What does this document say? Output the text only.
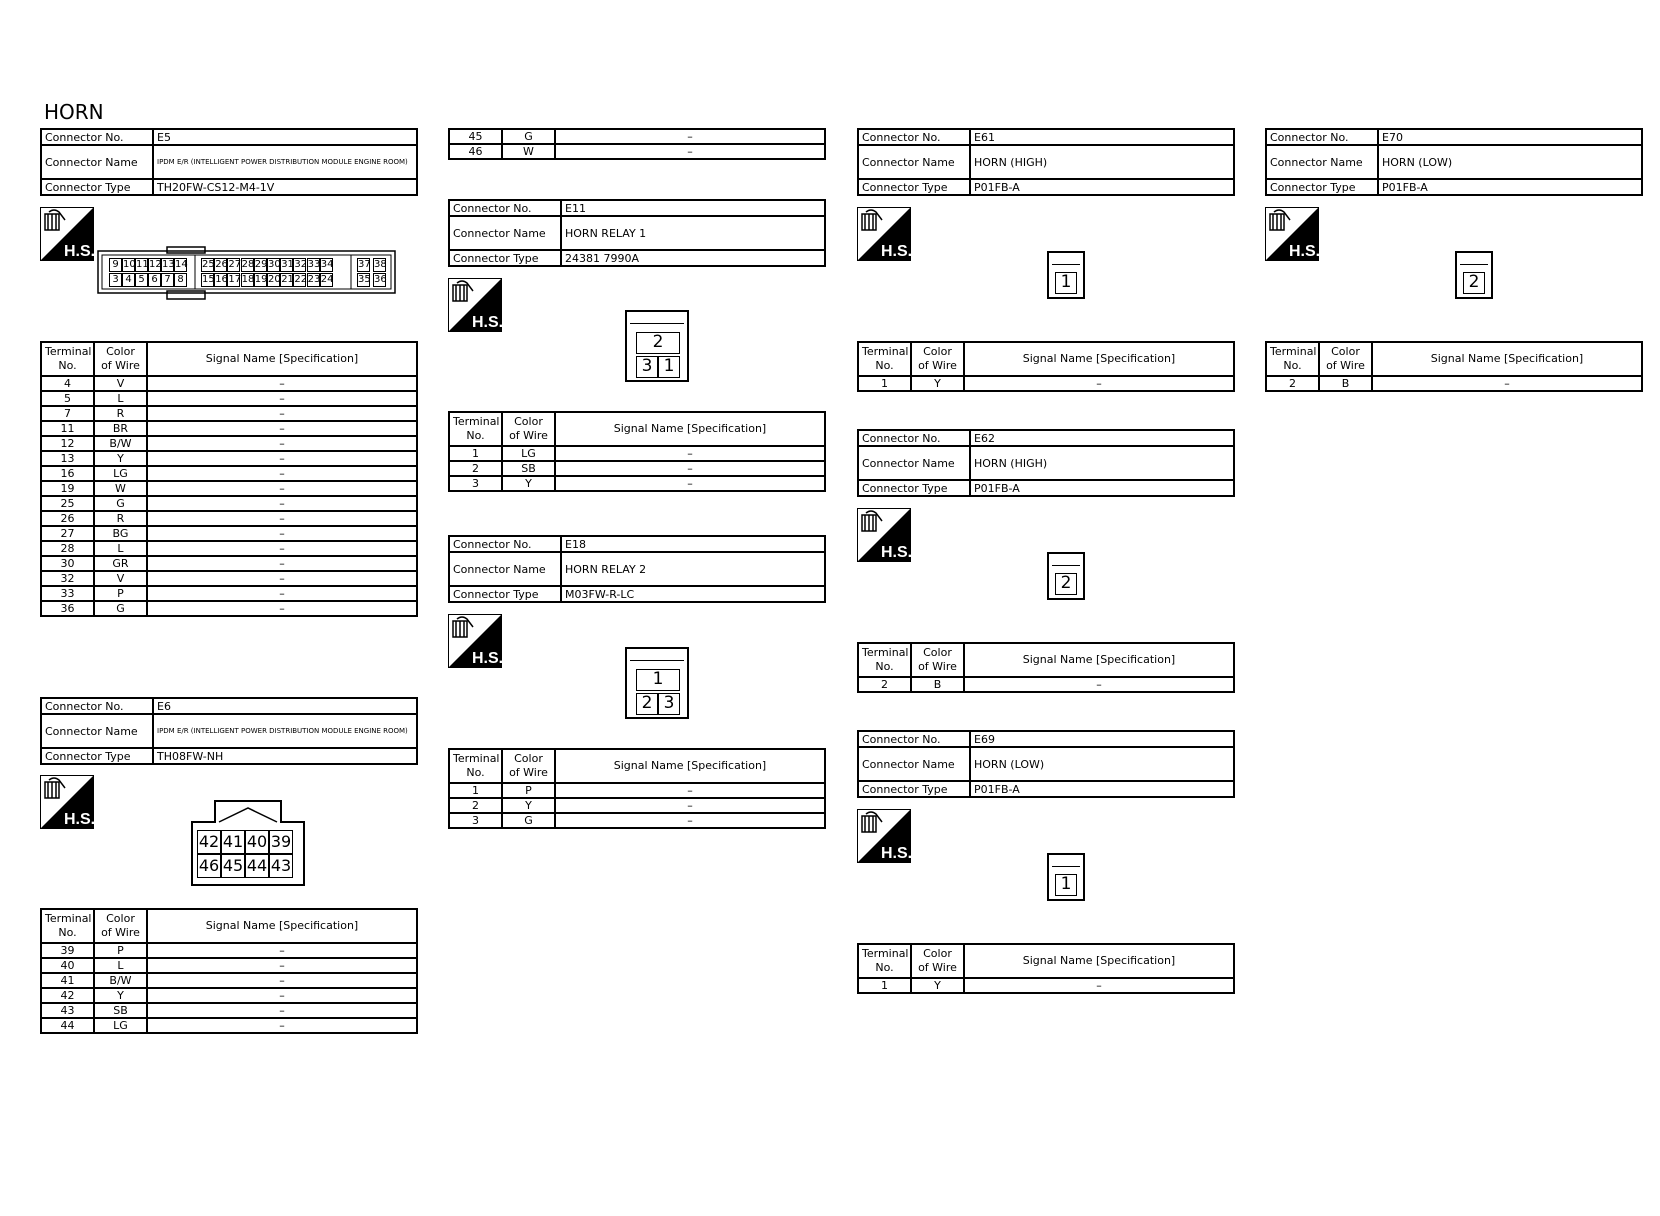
HORN
Connector No.	E5
Connector Name	IPDM E/R (INTELLIGENT POWER DISTRIBUTION MODULE ENGINE ROOM)
Connector Type	TH20FW-CS12-M4-1V
H.S.
9 10 11 12 13 14 25 26 27 28 29 30 31 32 33 34 37 38
3 4 5 6 7 8	15 16 17 18 19 20 21 22 23 24 35 36
Terminal
No.	Color
of Wire	Signal Name [Specification]
4	V	–
5	L	–
7	R	–
11	BR	–
12	B/W	–
13	Y	–
16	LG	–
19	W	–
25	G	–
26	R	–
27	BG	–
28	L	–
30	GR	–
32	V	–
33	P	–
36	G	–
Connector No.	E6
Connector Name	IPDM E/R (INTELLIGENT POWER DISTRIBUTION MODULE ENGINE ROOM)
Connector Type	TH08FW-NH
H.S.
42 41 40 39
46 45 44 43
Terminal
No.	Color
of Wire	Signal Name [Specification]
39	P	–
40	L	–
41	B/W	–
42	Y	–
43	SB	–
44	LG	–
45	G	–
46	W	–
Connector No.	E11
Connector Name	HORN RELAY 1
Connector Type	24381 7990A
H.S.
2
3 1
Terminal
No.	Color
of Wire	Signal Name [Specification]
1	LG	–
2	SB	–
3	Y	–
Connector No.	E18
Connector Name	HORN RELAY 2
Connector Type	M03FW-R-LC
H.S.
1
2 3
Terminal
No.	Color
of Wire	Signal Name [Specification]
1	P	–
2	Y	–
3	G	–
Connector No.	E61
Connector Name	HORN (HIGH)
Connector Type	P01FB-A
H.S.
1
Terminal
No.	Color
of Wire	Signal Name [Specification]
1	Y	–
Connector No.	E62
Connector Name	HORN (HIGH)
Connector Type	P01FB-A
H.S.
2
Terminal
No.	Color
of Wire	Signal Name [Specification]
2	B	–
Connector No.	E69
Connector Name	HORN (LOW)
Connector Type	P01FB-A
H.S.
1
Terminal
No.	Color
of Wire	Signal Name [Specification]
1	Y	–
Connector No.	E70
Connector Name	HORN (LOW)
Connector Type	P01FB-A
H.S.
2
Terminal
No.	Color
of Wire	Signal Name [Specification]
2	B	–
